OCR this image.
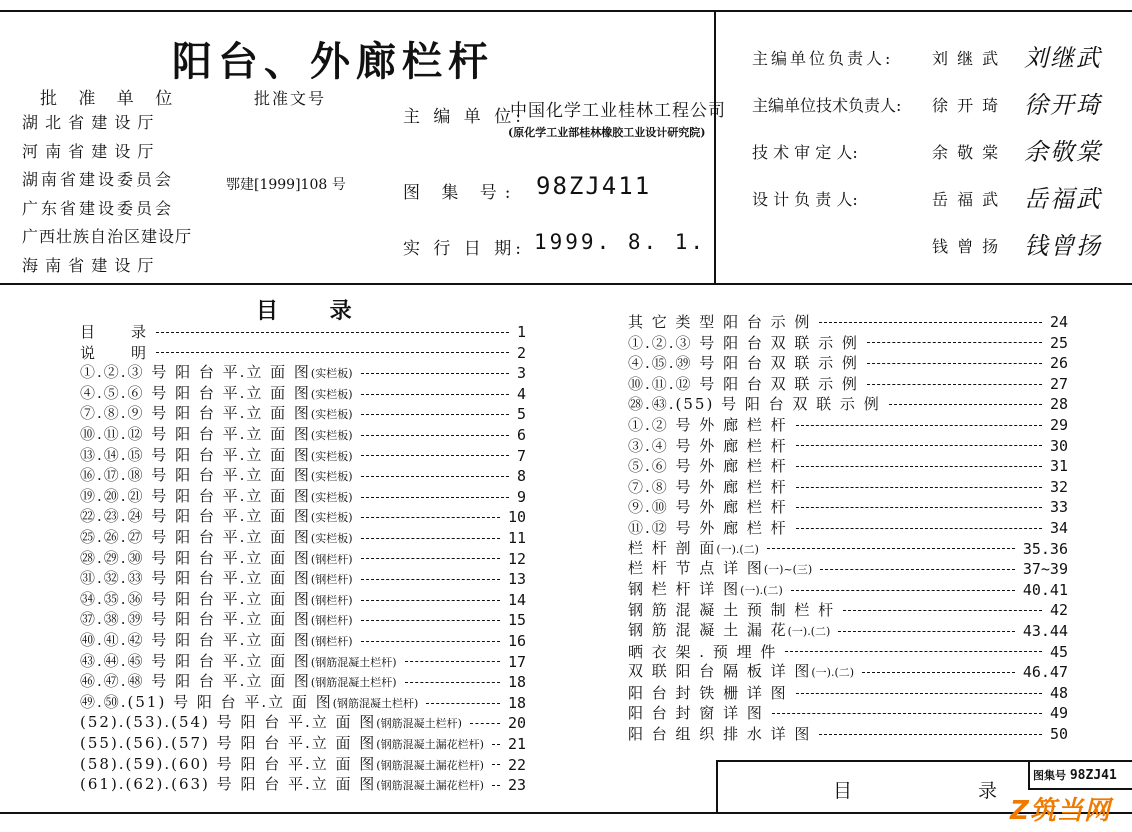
阳台、外廊栏杆
批 准 单 位	批准文号
湖 北 省 建 设 厅
河 南 省 建 设 厅
湖南省建设委员会
广东省建设委员会
广西壮族自治区建设厅
海 南 省 建 设 厅
鄂建[1999]108 号
主 编 单 位:
中国化学工业桂林工程公司
(原化学工业部桂林橡胶工业设计研究院)
图 集 号: 98ZJ411
实 行 日 期: 1999. 8. 1.
主编单位负责人: 刘 继 武 刘继武
主编单位技术负责人: 徐 开 琦 徐开琦
技 术 审 定 人:	余 敬 棠 余敬棠
设 计 负 责 人:	岳 福 武 岳福武
钱 曾 扬 钱曾扬
目 录
目　　录	1
说　　明	2
①.②.③ 号 阳 台 平.立 面 图(实栏板)	3
④.⑤.⑥ 号 阳 台 平.立 面 图(实栏板)	4
⑦.⑧.⑨ 号 阳 台 平.立 面 图(实栏板)	5
⑩.⑪.⑫ 号 阳 台 平.立 面 图(实栏板)	6
⑬.⑭.⑮ 号 阳 台 平.立 面 图(实栏板)	7
⑯.⑰.⑱ 号 阳 台 平.立 面 图(实栏板)	8
⑲.⑳.㉑ 号 阳 台 平.立 面 图(实栏板)	9
㉒.㉓.㉔ 号 阳 台 平.立 面 图(实栏板)	10
㉕.㉖.㉗ 号 阳 台 平.立 面 图(实栏板)	11
㉘.㉙.㉚ 号 阳 台 平.立 面 图(钢栏杆)	12
㉛.㉜.㉝ 号 阳 台 平.立 面 图(钢栏杆)	13
㉞.㉟.㊱ 号 阳 台 平.立 面 图(钢栏杆)	14
㊲.㊳.㊴ 号 阳 台 平.立 面 图(钢栏杆)	15
㊵.㊶.㊷ 号 阳 台 平.立 面 图(钢栏杆)	16
㊸.㊹.㊺ 号 阳 台 平.立 面 图(钢筋混凝土栏杆)	17
㊻.㊼.㊽ 号 阳 台 平.立 面 图(钢筋混凝土栏杆)	18
㊾.㊿.(51) 号 阳 台 平.立 面 图(钢筋混凝土栏杆)	18
(52).(53).(54) 号 阳 台 平.立 面 图(钢筋混凝土栏杆)	20
(55).(56).(57) 号 阳 台 平.立 面 图(钢筋混凝土漏花栏杆) 21
(58).(59).(60) 号 阳 台 平.立 面 图(钢筋混凝土漏花栏杆) 22
(61).(62).(63) 号 阳 台 平.立 面 图(钢筋混凝土漏花栏杆) 23
其 它 类 型 阳 台 示 例	24
①.②.③ 号 阳 台 双 联 示 例	25
④.⑮.㊴ 号 阳 台 双 联 示 例	26
⑩.⑪.⑫ 号 阳 台 双 联 示 例	27
㉘.㊸.(55) 号 阳 台 双 联 示 例	28
①.② 号 外 廊 栏 杆	29
③.④ 号 外 廊 栏 杆	30
⑤.⑥ 号 外 廊 栏 杆	31
⑦.⑧ 号 外 廊 栏 杆	32
⑨.⑩ 号 外 廊 栏 杆	33
⑪.⑫ 号 外 廊 栏 杆	34
栏 杆 剖 面(一).(二)	35.36
栏 杆 节 点 详 图(一)~(三)	37~39
钢 栏 杆 详 图(一).(二)	40.41
钢 筋 混 凝 土 预 制 栏 杆	42
钢 筋 混 凝 土 漏 花(一).(二)	43.44
晒 衣 架 . 预 埋 件	45
双 联 阳 台 隔 板 详 图(一).(二)	46.47
阳 台 封 铁 栅 详 图	48
阳 台 封 窗 详 图	49
阳 台 组 织 排 水 详 图	50
目 录
图集号 98ZJ41
Z筑当网
